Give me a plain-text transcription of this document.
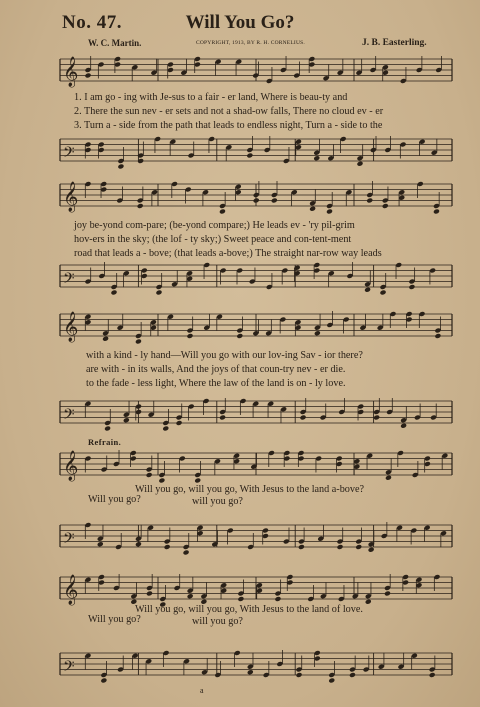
No. 47.	Will You Go?
W. C. Martin.	COPYRIGHT, 1913, BY R. H. CORNELIUS.	J. B. Easterling.
𝄞
1. I am go - ing with Je-sus to a fair - er land, Where is beau-ty and
2. There the sun nev - er sets and not a shad-ow falls, There no cloud ev - er
3. Turn a - side from the path that leads to endless night, Turn a - side to the
𝄢
𝄞
joy be-yond com-pare; (be-yond compare;) He leads ev - 'ry pil-grim
hov-ers in the sky; (the lof - ty sky;) Sweet peace and con-tent-ment
road that leads a - bove; (that leads a-bove;) The straight nar-row way leads
𝄢
𝄞
with a kind - ly hand—Will you go with our lov-ing Sav - ior there?
are with - in its walls, And the joys of that coun-try nev - er die.
to the fade - less light, Where the law of the land is on - ly love.
𝄢
Refrain.
𝄞
Will you go, will you go, With Jesus to the land a-bove?
Will you go?	will you go?
𝄢
𝄞
Will you go, will you go, With Jesus to the land of love.
Will you go?	will you go?
𝄢
a
